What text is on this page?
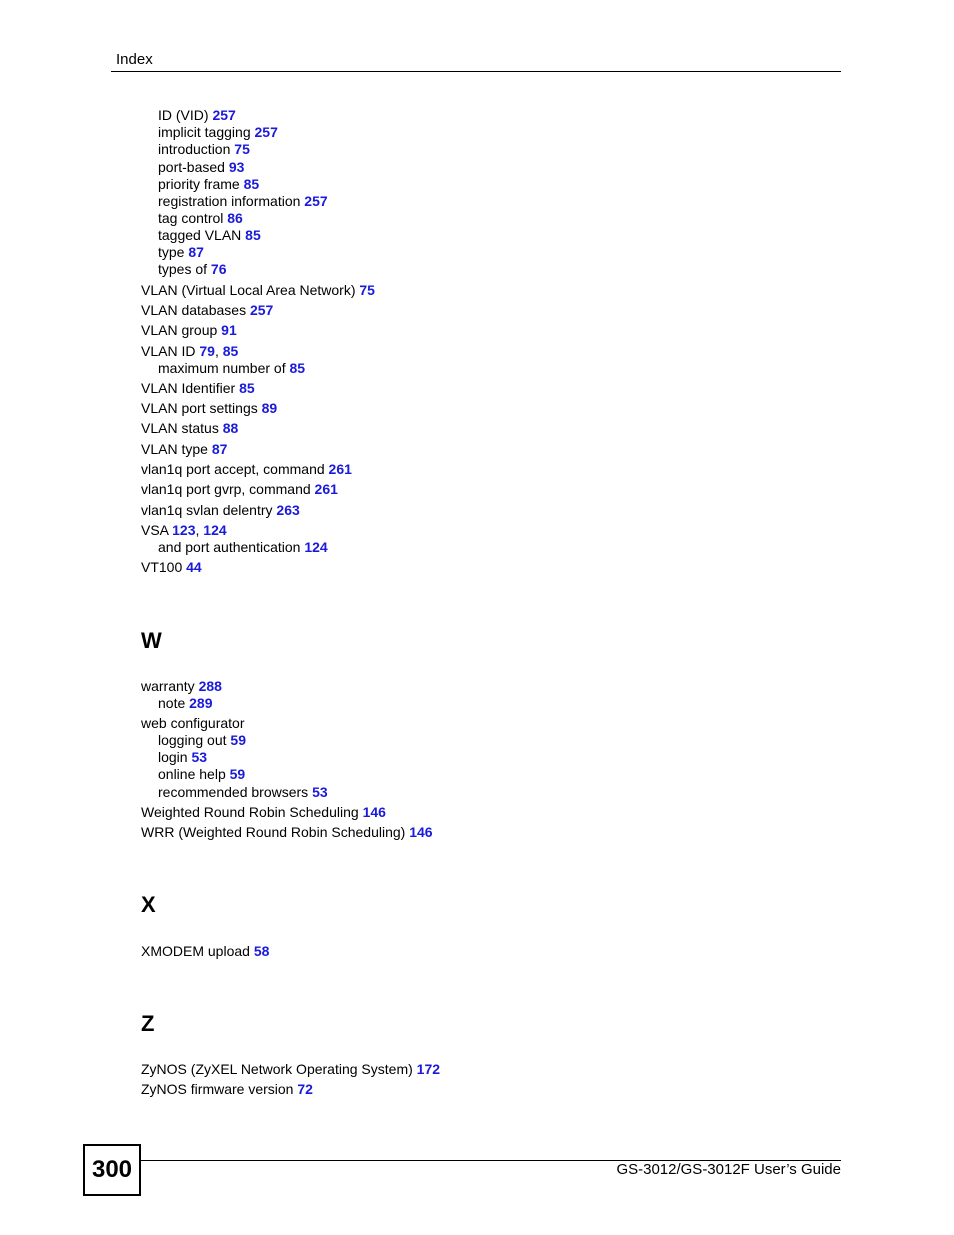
Index
ID (VID) 257
implicit tagging 257
introduction 75
port-based 93
priority frame 85
registration information 257
tag control 86
tagged VLAN 85
type 87
types of 76
VLAN (Virtual Local Area Network) 75
VLAN databases 257
VLAN group 91
VLAN ID 79, 85
maximum number of 85
VLAN Identifier 85
VLAN port settings 89
VLAN status 88
VLAN type 87
vlan1q port accept, command 261
vlan1q port gvrp, command 261
vlan1q svlan delentry 263
VSA 123, 124
and port authentication 124
VT100 44
W
warranty 288
note 289
web configurator
logging out 59
login 53
online help 59
recommended browsers 53
Weighted Round Robin Scheduling 146
WRR (Weighted Round Robin Scheduling) 146
X
XMODEM upload 58
Z
ZyNOS (ZyXEL Network Operating System) 172
ZyNOS firmware version 72
300	GS-3012/GS-3012F User’s Guide
